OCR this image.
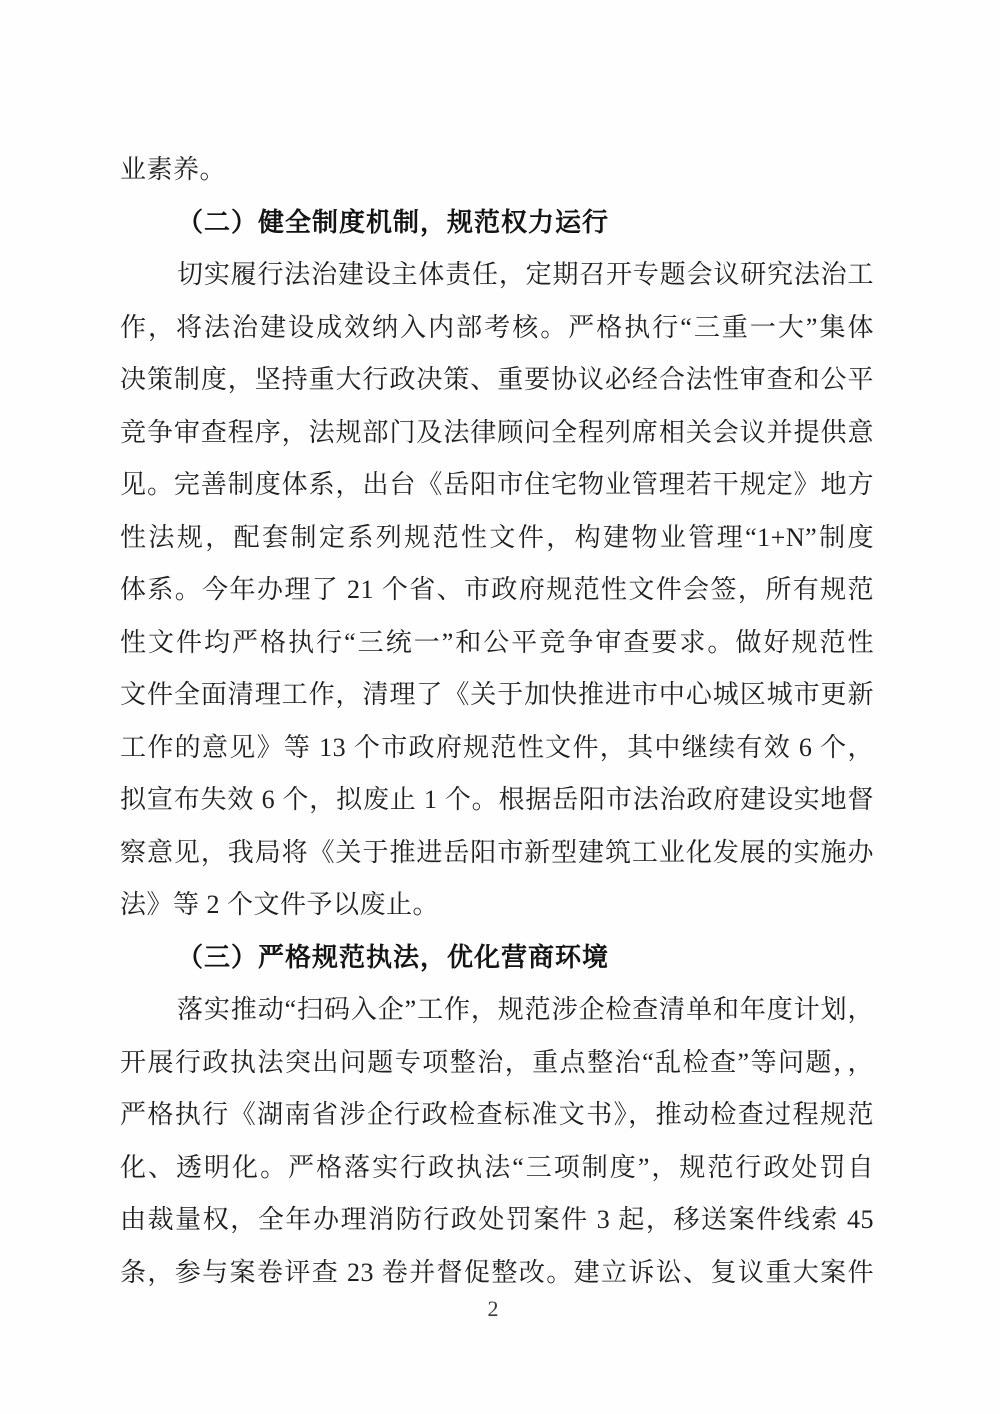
业素养。
（二）健全制度机制，规范权力运行
切实履行法治建设主体责任，定期召开专题会议研究法治工
作，将法治建设成效纳入内部考核。严格执行“三重一大”集体
决策制度，坚持重大行政决策、重要协议必经合法性审查和公平
竞争审查程序，法规部门及法律顾问全程列席相关会议并提供意
见。完善制度体系，出台《岳阳市住宅物业管理若干规定》地方
性法规，配套制定系列规范性文件，构建物业管理“1+N”制度
体系。今年办理了 21 个省、市政府规范性文件会签，所有规范
性文件均严格执行“三统一”和公平竞争审查要求。做好规范性
文件全面清理工作，清理了《关于加快推进市中心城区城市更新
工作的意见》等 13 个市政府规范性文件，其中继续有效 6 个，
拟宣布失效 6 个，拟废止 1 个。根据岳阳市法治政府建设实地督
察意见，我局将《关于推进岳阳市新型建筑工业化发展的实施办
法》等 2 个文件予以废止。
（三）严格规范执法，优化营商环境
落实推动“扫码入企”工作，规范涉企检查清单和年度计划，
开展行政执法突出问题专项整治，重点整治“乱检查”等问题，，
严格执行《湖南省涉企行政检查标准文书》，推动检查过程规范
化、透明化。严格落实行政执法“三项制度”，规范行政处罚自
由裁量权，全年办理消防行政处罚案件 3 起，移送案件线索 45
条，参与案卷评查 23 卷并督促整改。建立诉讼、复议重大案件
2
